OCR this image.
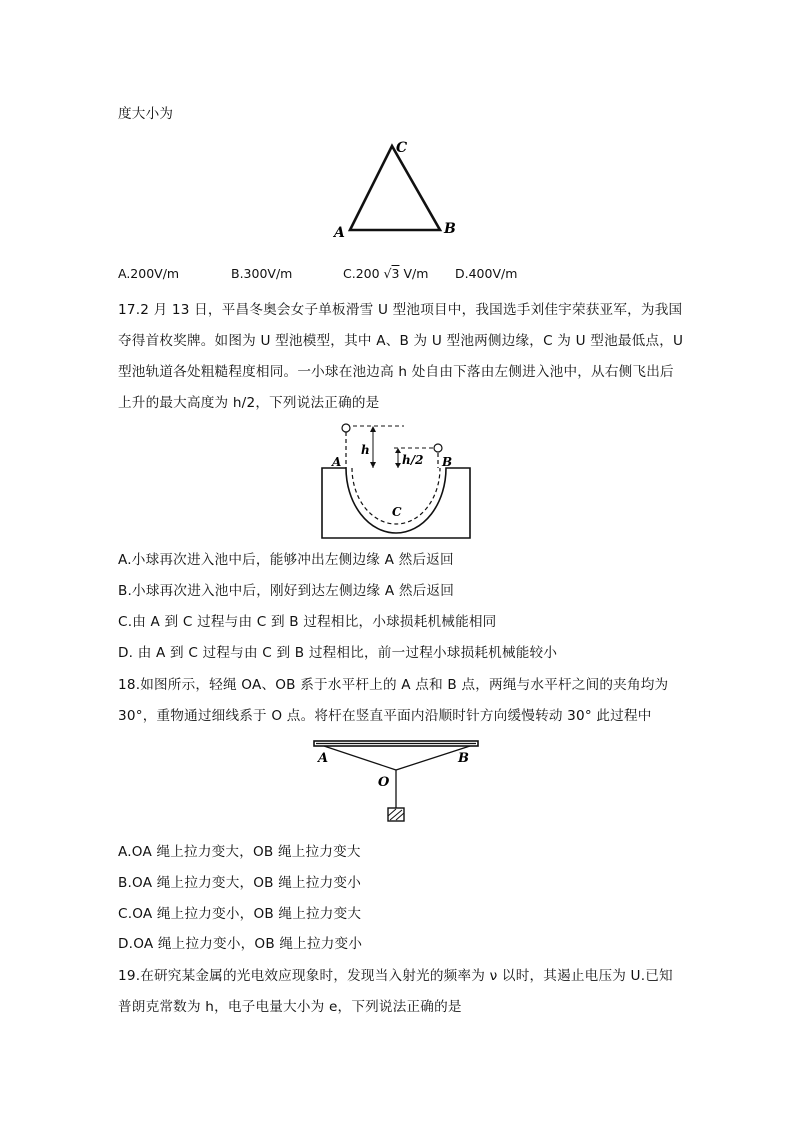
度大小为
A	B
C
A.200V/m	B.300V/m	C.200 √3 V/m D.400V/m
17.2 月 13 日，平昌冬奥会女子单板滑雪 U 型池项目中，我国选手刘佳宇荣获亚军，为我国
夺得首枚奖牌。如图为 U 型池模型，其中 A、B 为 U 型池两侧边缘，C 为 U 型池最低点，U
型池轨道各处粗糙程度相同。一小球在池边高 h 处自由下落由左侧进入池中，从右侧飞出后
上升的最大高度为 h/2，下列说法正确的是
h
h/2
A	B
C
A.小球再次进入池中后，能够冲出左侧边缘 A 然后返回
B.小球再次进入池中后，刚好到达左侧边缘 A 然后返回
C.由 A 到 C 过程与由 C 到 B 过程相比，小球损耗机械能相同
D. 由 A 到 C 过程与由 C 到 B 过程相比，前一过程小球损耗机械能较小
18.如图所示，轻绳 OA、OB 系于水平杆上的 A 点和 B 点，两绳与水平杆之间的夹角均为
30°，重物通过细线系于 O 点。将杆在竖直平面内沿顺时针方向缓慢转动 30° 此过程中
A	B
O
A.OA 绳上拉力变大，OB 绳上拉力变大
B.OA 绳上拉力变大，OB 绳上拉力变小
C.OA 绳上拉力变小，OB 绳上拉力变大
D.OA 绳上拉力变小，OB 绳上拉力变小
19.在研究某金属的光电效应现象时，发现当入射光的频率为 ν 以时，其遏止电压为 U.已知
普朗克常数为 h，电子电量大小为 e，下列说法正确的是
